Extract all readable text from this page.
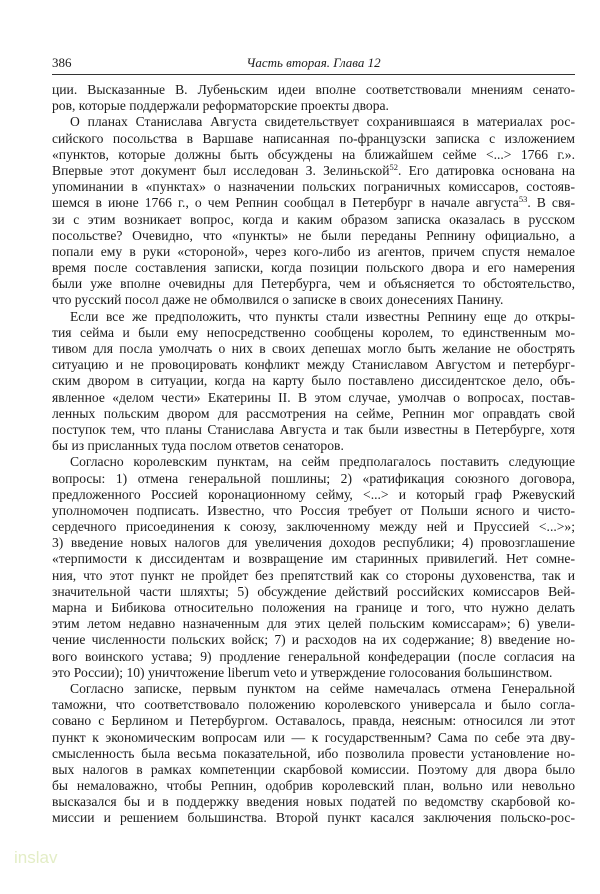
386	Часть вторая. Глава 12
ции. Высказанные В. Лубеньским идеи вполне соответствовали мнениям сенато-
ров, которые поддержали реформаторские проекты двора.
О планах Станислава Августа свидетельствует сохранившаяся в материалах рос-
сийского посольства в Варшаве написанная по-французски записка с изложением
«пунктов, которые должны быть обсуждены на ближайшем сейме <...> 1766 г.».
Впервые этот документ был исследован З. Зелиньской$^{52}$. Его датировка основана на
упоминании в «пунктах» о назначении польских пограничных комиссаров, состояв-
шемся в июне 1766 г., о чем Репнин сообщал в Петербург в начале августа$^{53}$. В свя-
зи с этим возникает вопрос, когда и каким образом записка оказалась в русском
посольстве? Очевидно, что «пункты» не были переданы Репнину официально, а
попали ему в руки «стороной», через кого-либо из агентов, причем спустя немалое
время после составления записки, когда позиции польского двора и его намерения
были уже вполне очевидны для Петербурга, чем и объясняется то обстоятельство,
что русский посол даже не обмолвился о записке в своих донесениях Панину.
Если все же предположить, что пункты стали известны Репнину еще до откры-
тия сейма и были ему непосредственно сообщены королем, то единственным мо-
тивом для посла умолчать о них в своих депешах могло быть желание не обострять
ситуацию и не провоцировать конфликт между Станиславом Августом и петербург-
ским двором в ситуации, когда на карту было поставлено диссидентское дело, объ-
явленное «делом чести» Екатерины II. В этом случае, умолчав о вопросах, постав-
ленных польским двором для рассмотрения на сейме, Репнин мог оправдать свой
поступок тем, что планы Станислава Августа и так были известны в Петербурге, хотя
бы из присланных туда послом ответов сенаторов.
Согласно королевским пунктам, на сейм предполагалось поставить следующие
вопросы: 1) отмена генеральной пошлины; 2) «ратификация союзного договора,
предложенного Россией коронационному сейму, <...> и который граф Ржевуский
уполномочен подписать. Известно, что Россия требует от Польши ясного и чисто-
сердечного присоединения к союзу, заключенному между ней и Пруссией <...>»;
3) введение новых налогов для увеличения доходов республики; 4) провозглашение
«терпимости к диссидентам и возвращение им старинных привилегий. Нет сомне-
ния, что этот пункт не пройдет без препятствий как со стороны духовенства, так и
значительной части шляхты; 5) обсуждение действий российских комиссаров Вей-
марна и Бибикова относительно положения на границе и того, что нужно делать
этим летом недавно назначенным для этих целей польским комиссарам»; 6) увели-
чение численности польских войск; 7) и расходов на их содержание; 8) введение но-
вого воинского устава; 9) продление генеральной конфедерации (после согласия на
это России); 10) уничтожение liberum veto и утверждение голосования большинством.
Согласно записке, первым пунктом на сейме намечалась отмена Генеральной
таможни, что соответствовало положению королевского универсала и было согла-
совано с Берлином и Петербургом. Оставалось, правда, неясным: относился ли этот
пункт к экономическим вопросам или — к государственным? Сама по себе эта дву-
смысленность была весьма показательной, ибо позволила провести установление но-
вых налогов в рамках компетенции скарбовой комиссии. Поэтому для двора было
бы немаловажно, чтобы Репнин, одобрив королевский план, вольно или невольно
высказался бы и в поддержку введения новых податей по ведомству скарбовой ко-
миссии и решением большинства. Второй пункт касался заключения польско-рос-
inslav
